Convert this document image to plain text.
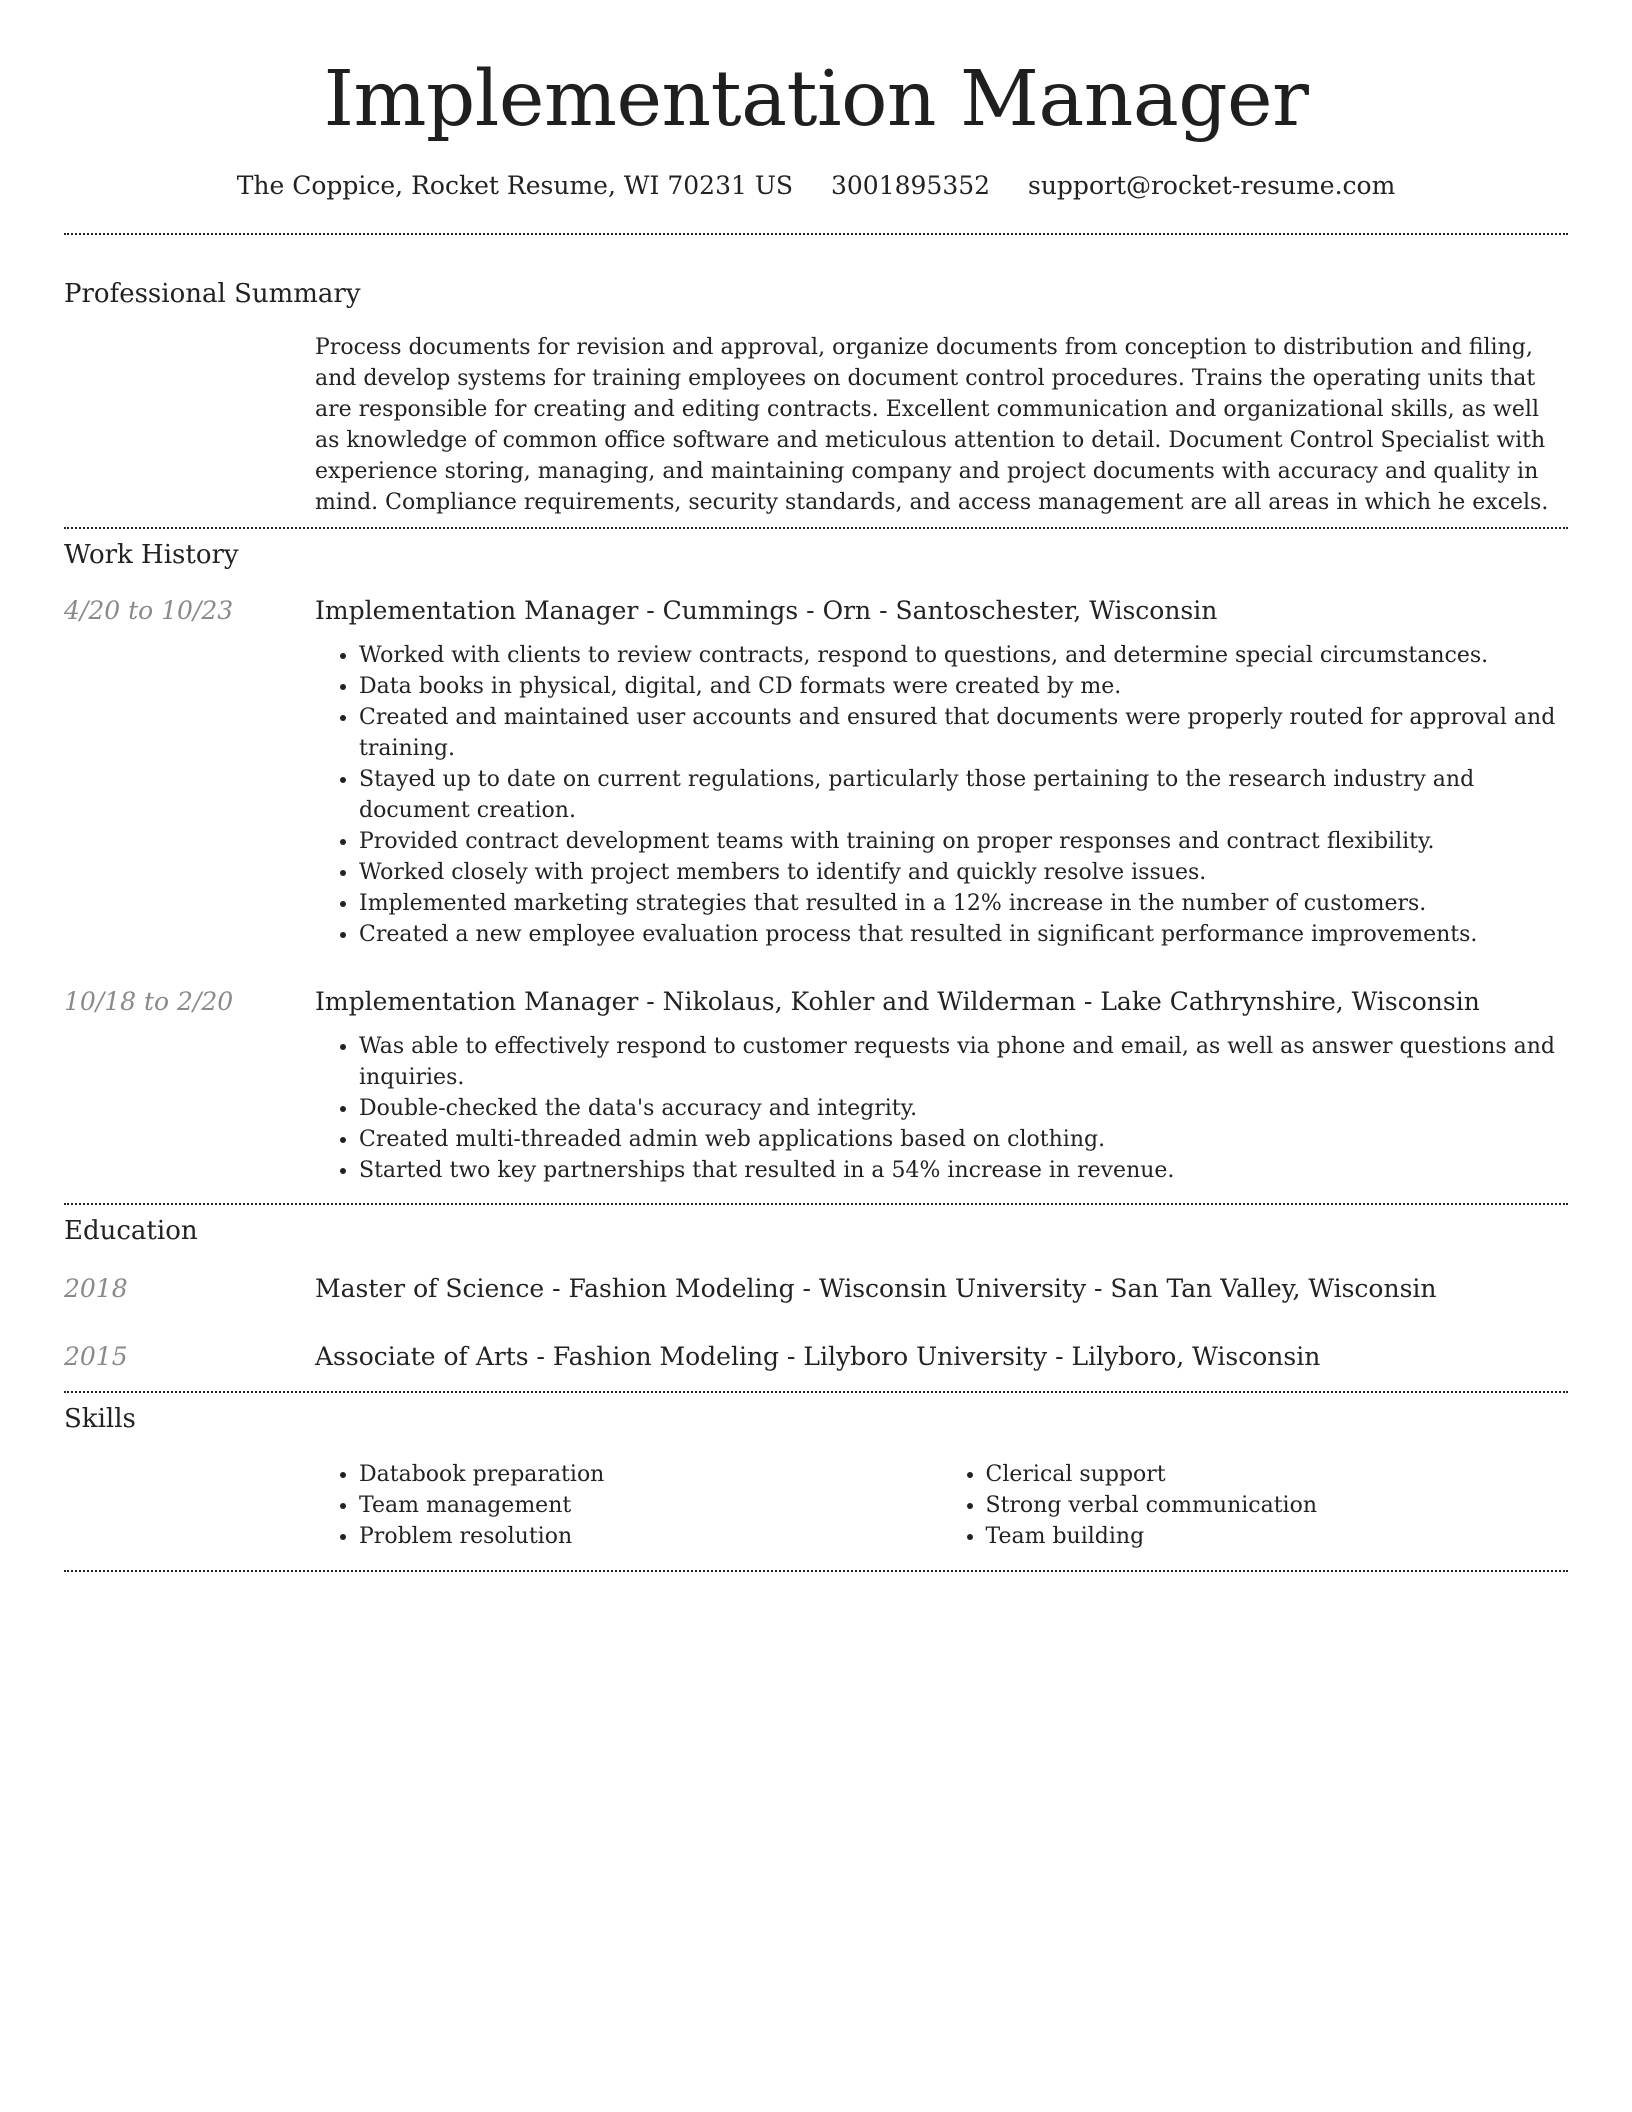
Implementation Manager
The Coppice, Rocket Resume, WI 70231 US 3001895352 support@rocket-resume.com
Professional Summary
Process documents for revision and approval, organize documents from conception to distribution and filing, and develop systems for training employees on document control procedures. Trains the operating units that are responsible for creating and editing contracts. Excellent communication and organizational skills, as well as knowledge of common office software and meticulous attention to detail. Document Control Specialist with experience storing, managing, and maintaining company and project documents with accuracy and quality in mind. Compliance requirements, security standards, and access management are all areas in which he excels.
Work History
4/20 to 10/23	Implementation Manager - Cummings - Orn - Santoschester, Wisconsin
• Worked with clients to review contracts, respond to questions, and determine special circumstances.
• Data books in physical, digital, and CD formats were created by me.
• Created and maintained user accounts and ensured that documents were properly routed for approval and training.
• Stayed up to date on current regulations, particularly those pertaining to the research industry and document creation.
• Provided contract development teams with training on proper responses and contract flexibility.
• Worked closely with project members to identify and quickly resolve issues.
• Implemented marketing strategies that resulted in a 12% increase in the number of customers.
• Created a new employee evaluation process that resulted in significant performance improvements.
10/18 to 2/20	Implementation Manager - Nikolaus, Kohler and Wilderman - Lake Cathrynshire, Wisconsin
• Was able to effectively respond to customer requests via phone and email, as well as answer questions and inquiries.
• Double-checked the data's accuracy and integrity.
• Created multi-threaded admin web applications based on clothing.
• Started two key partnerships that resulted in a 54% increase in revenue.
Education
2018	Master of Science - Fashion Modeling - Wisconsin University - San Tan Valley, Wisconsin
2015	Associate of Arts - Fashion Modeling - Lilyboro University - Lilyboro, Wisconsin
Skills
• Databook preparation
• Team management
• Problem resolution
• Clerical support
• Strong verbal communication
• Team building
